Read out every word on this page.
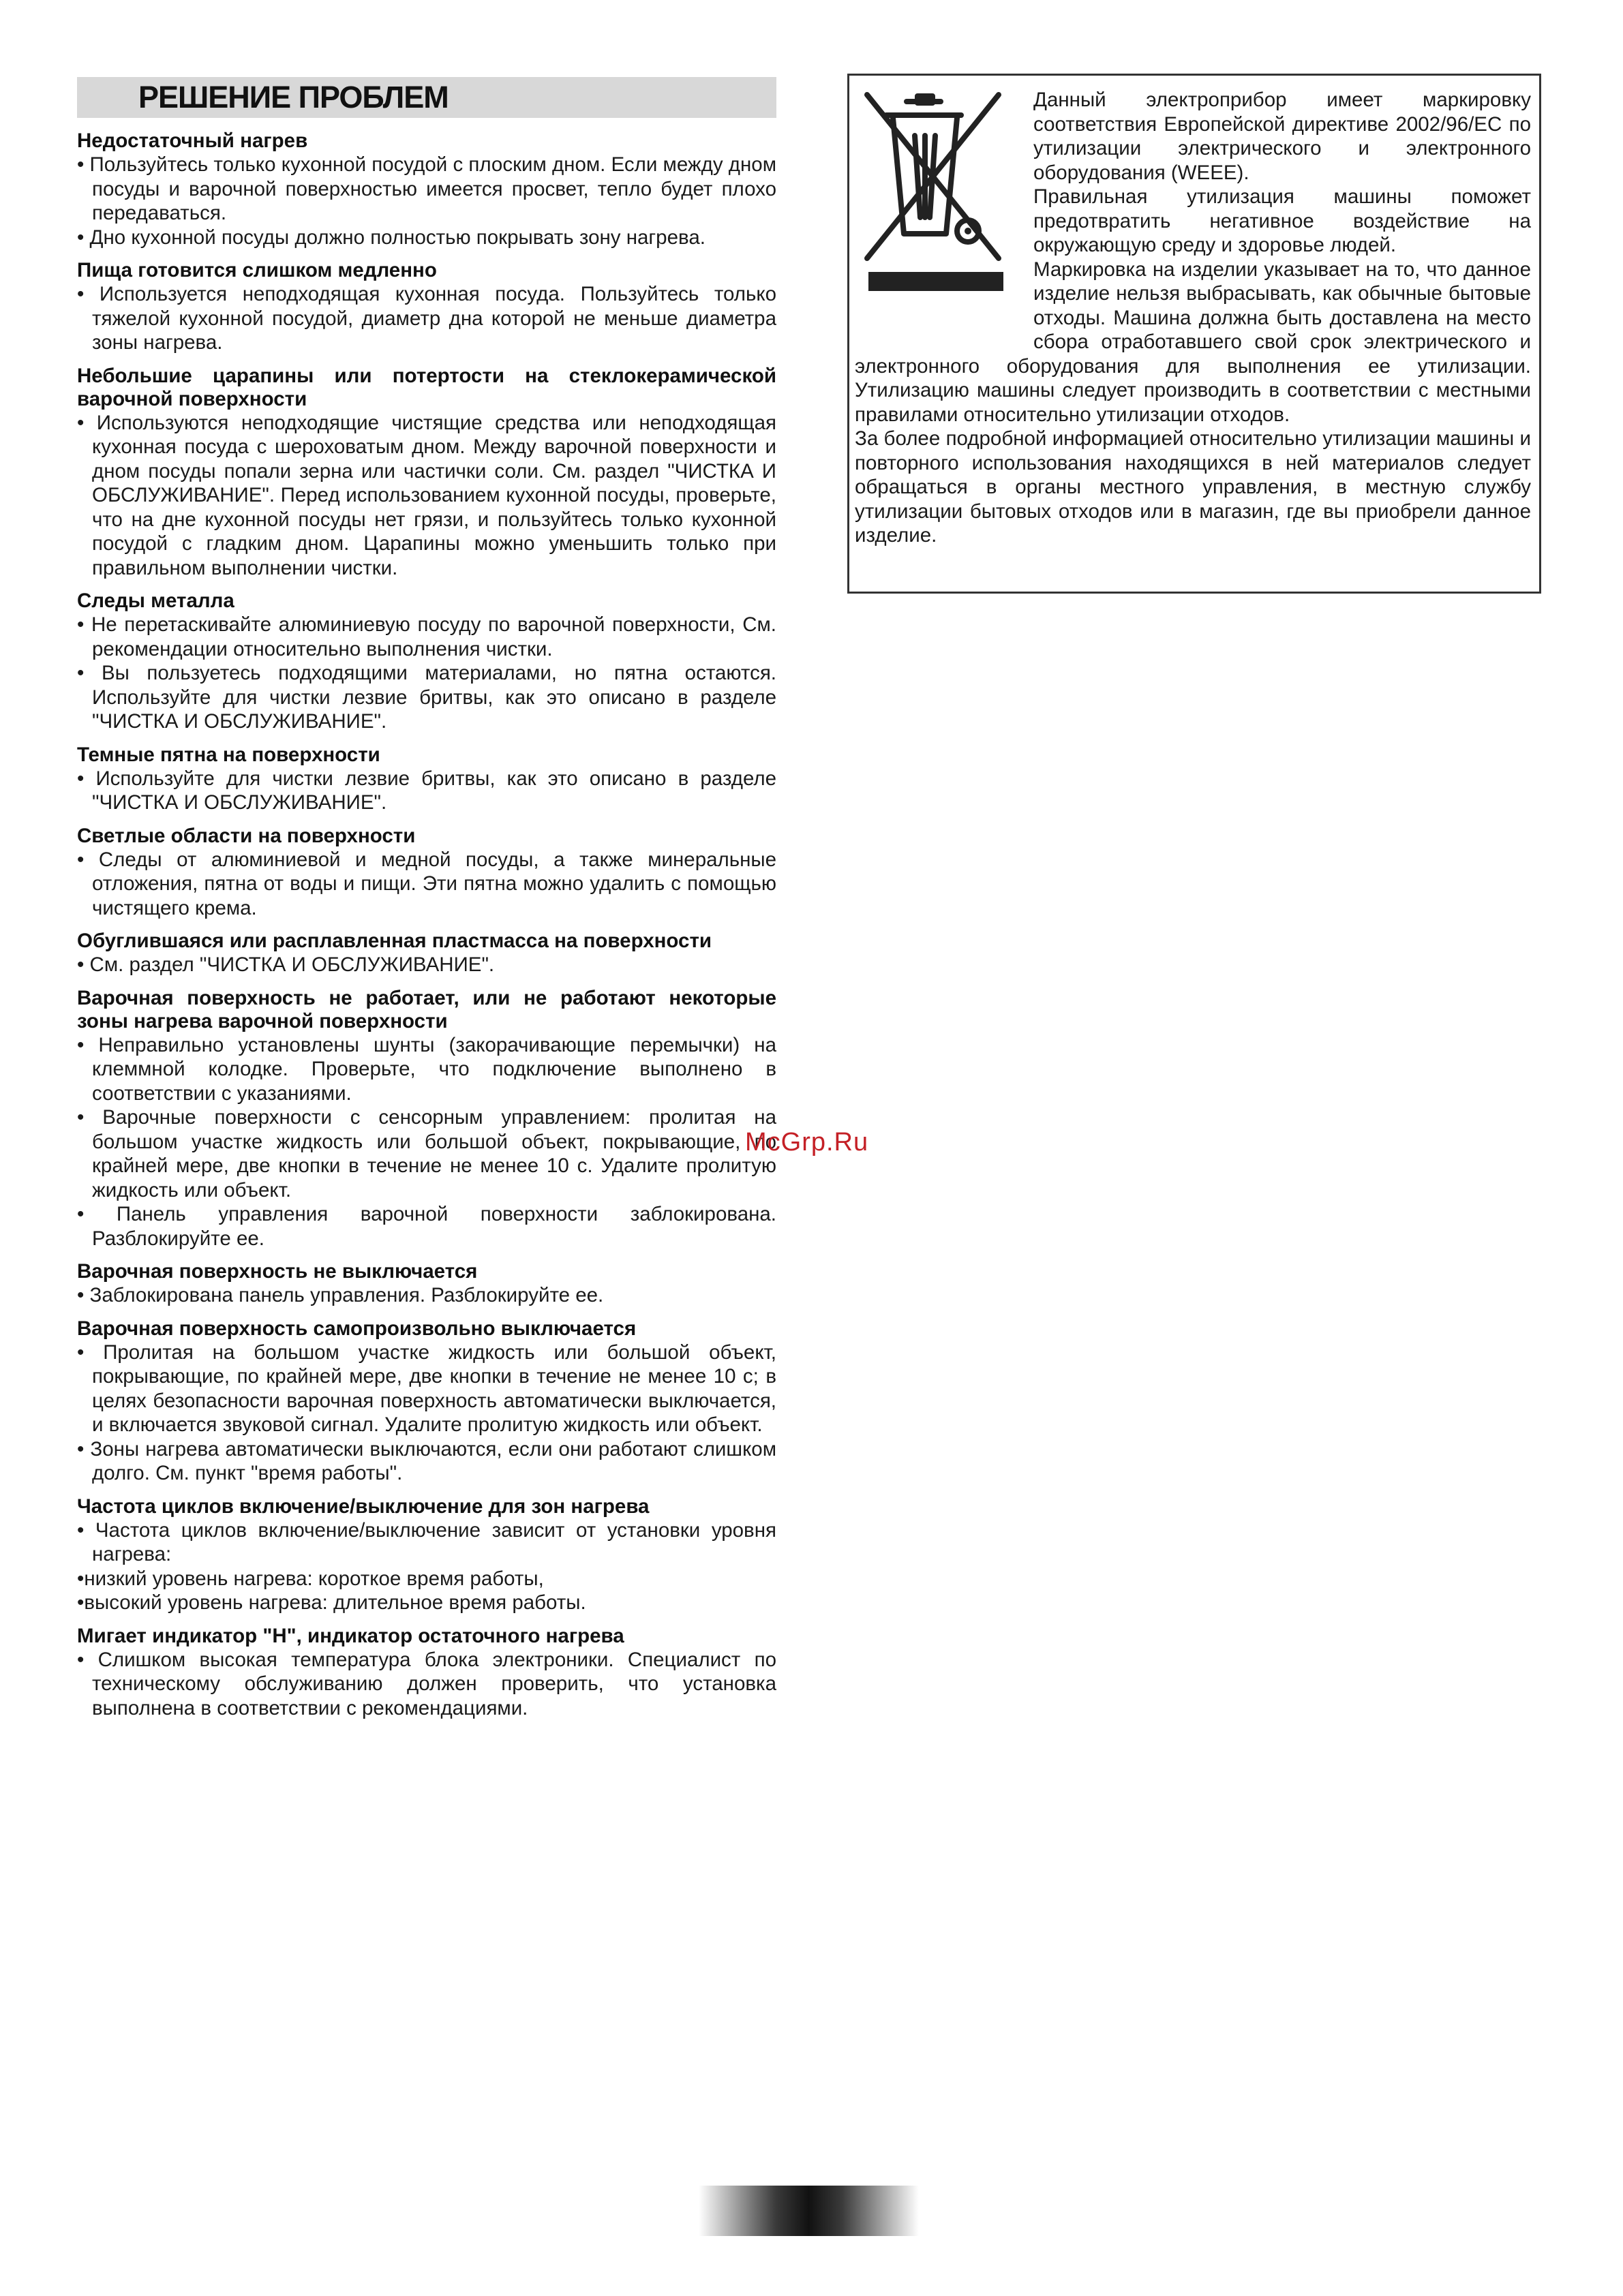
РЕШЕНИЕ ПРОБЛЕМ

Недостаточный нагрев

• Пользуйтесь только кухонной посудой с плоским дном. Если между дном посуды и варочной поверхностью имеется просвет, тепло будет плохо передаваться.

• Дно кухонной посуды должно полностью покрывать зону нагрева.

Пища готовится слишком медленно

• Используется неподходящая кухонная посуда. Пользуйтесь только тяжелой кухонной посудой, диаметр дна которой не меньше диаметра зоны нагрева.

Небольшие царапины или потертости на стеклокерамической варочной поверхности

• Используются неподходящие чистящие средства или неподходящая кухонная посуда с шероховатым дном. Между варочной поверхности и дном посуды попали зерна или частички соли. См. раздел "ЧИСТКА И ОБСЛУЖИВАНИЕ". Перед использованием кухонной посуды, проверьте, что на дне кухонной посуды нет грязи, и пользуйтесь только кухонной посудой с гладким дном. Царапины можно уменьшить только при правильном выполнении чистки.

Следы металла

• Не перетаскивайте алюминиевую посуду по варочной поверхности, См. рекомендации относительно выполнения чистки.

• Вы пользуетесь подходящими материалами, но пятна остаются. Используйте для чистки лезвие бритвы, как это описано в разделе "ЧИСТКА И ОБСЛУЖИВАНИЕ".

Темные пятна на поверхности

• Используйте для чистки лезвие бритвы, как это описано в разделе "ЧИСТКА И ОБСЛУЖИВАНИЕ".

Светлые области на поверхности

• Следы от алюминиевой и медной посуды, а также минеральные отложения, пятна от воды и пищи. Эти пятна можно удалить с помощью чистящего крема.

Обуглившаяся или расплавленная пластмасса на поверхности

• См. раздел "ЧИСТКА И ОБСЛУЖИВАНИЕ".

Варочная поверхность не работает, или не работают некоторые зоны нагрева варочной поверхности

• Неправильно установлены шунты (закорачивающие перемычки) на клеммной колодке. Проверьте, что подключение выполнено в соответствии с указаниями.

• Варочные поверхности с сенсорным управлением: пролитая на большом участке жидкость или большой объект, покрывающие, по крайней мере, две кнопки в течение не менее 10 с. Удалите пролитую жидкость или объект.

• Панель управления варочной поверхности заблокирована. Разблокируйте ее.

Варочная поверхность не выключается

• Заблокирована панель управления. Разблокируйте ее.

Варочная поверхность самопроизвольно выключается

• Пролитая на большом участке жидкость или большой объект, покрывающие, по крайней мере, две кнопки в течение не менее 10 с; в целях безопасности варочная поверхность автоматически выключается, и включается звуковой сигнал. Удалите пролитую жидкость или объект.

• Зоны нагрева автоматически выключаются, если они работают слишком долго. См. пункт "время работы".

Частота циклов включение/выключение для зон нагрева

• Частота циклов включение/выключение зависит от установки уровня нагрева:

•низкий уровень нагрева: короткое время работы,

•высокий уровень нагрева: длительное время работы.

Мигает индикатор "H", индикатор остаточного нагрева

• Слишком высокая температура блока электроники. Специалист по техническому обслуживанию должен проверить, что установка выполнена в соответствии с рекомендациями.

Данный электроприбор имеет маркировку соответствия Европейской директиве 2002/96/EC по утилизации электрического и электронного оборудования (WEEE).

Правильная утилизация машины поможет предотвратить негативное воздействие на окружающую среду и здоровье людей.

Маркировка на изделии указывает на то, что данное изделие нельзя выбрасывать, как обычные бытовые отходы. Машина должна быть доставлена на место сбора отработавшего свой срок электрического и электронного оборудования для выполнения ее утилизации. Утилизацию машины следует производить в соответствии с местными правилами относительно утилизации отходов.

За более подробной информацией относительно утилизации машины и повторного использования находящихся в ней материалов следует обращаться в органы местного управления, в местную службу утилизации бытовых отходов или в магазин, где вы приобрели данное изделие.

McGrp.Ru
